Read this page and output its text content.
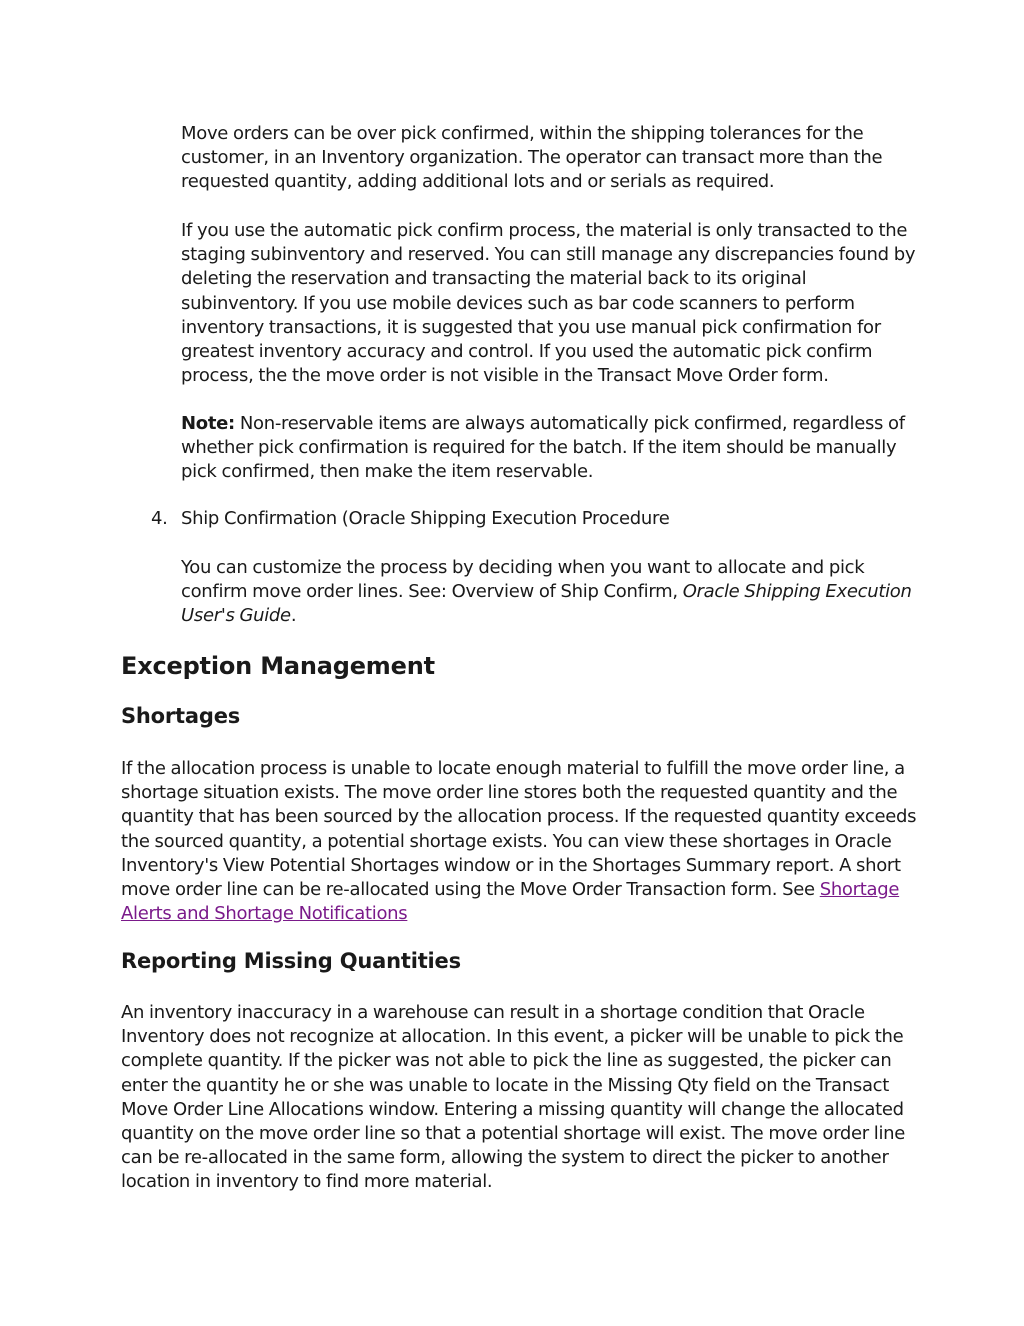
Move orders can be over pick confirmed, within the shipping tolerances for the customer, in an Inventory organization. The operator can transact more than the requested quantity, adding additional lots and or serials as required.

If you use the automatic pick confirm process, the material is only transacted to the staging subinventory and reserved. You can still manage any discrepancies found by deleting the reservation and transacting the material back to its original subinventory. If you use mobile devices such as bar code scanners to perform inventory transactions, it is suggested that you use manual pick confirmation for greatest inventory accuracy and control. If you used the automatic pick confirm process, the the move order is not visible in the Transact Move Order form.

Note: Non-reservable items are always automatically pick confirmed, regardless of whether pick confirmation is required for the batch. If the item should be manually pick confirmed, then make the item reservable.

4. Ship Confirmation (Oracle Shipping Execution Procedure

You can customize the process by deciding when you want to allocate and pick confirm move order lines. See: Overview of Ship Confirm, Oracle Shipping Execution User's Guide.

Exception Management
Shortages

If the allocation process is unable to locate enough material to fulfill the move order line, a shortage situation exists. The move order line stores both the requested quantity and the quantity that has been sourced by the allocation process. If the requested quantity exceeds the sourced quantity, a potential shortage exists. You can view these shortages in Oracle Inventory's View Potential Shortages window or in the Shortages Summary report. A short move order line can be re-allocated using the Move Order Transaction form. See Shortage Alerts and Shortage Notifications

Reporting Missing Quantities

An inventory inaccuracy in a warehouse can result in a shortage condition that Oracle Inventory does not recognize at allocation. In this event, a picker will be unable to pick the complete quantity. If the picker was not able to pick the line as suggested, the picker can enter the quantity he or she was unable to locate in the Missing Qty field on the Transact Move Order Line Allocations window. Entering a missing quantity will change the allocated quantity on the move order line so that a potential shortage will exist. The move order line can be re-allocated in the same form, allowing the system to direct the picker to another location in inventory to find more material.
